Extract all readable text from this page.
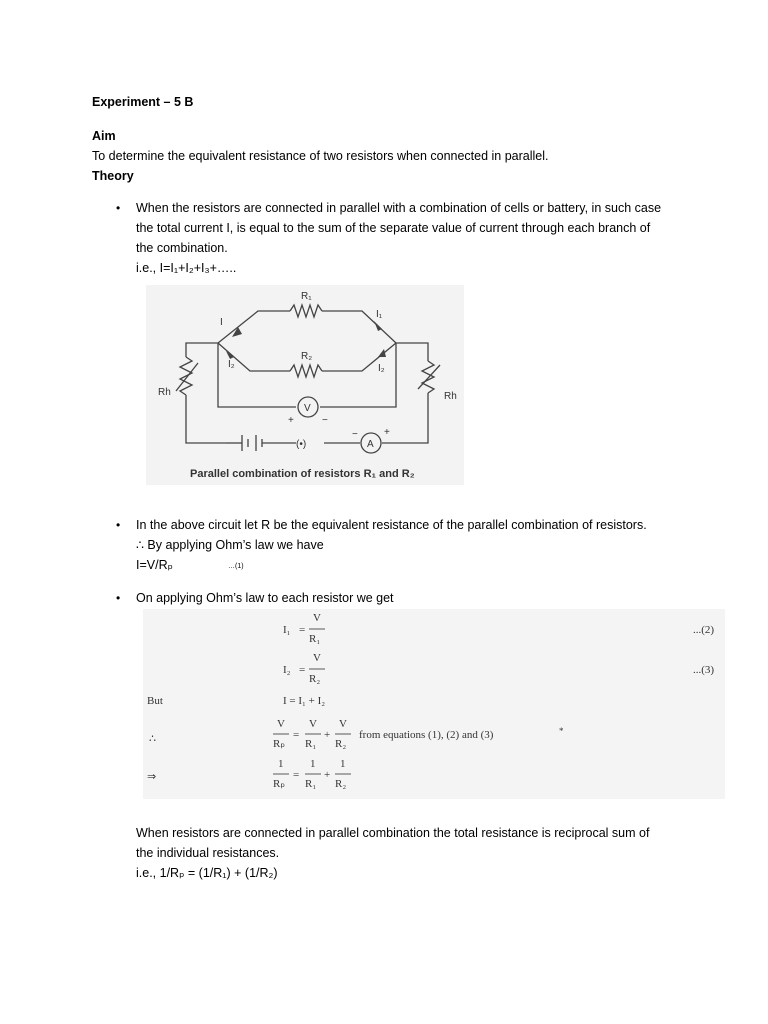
Experiment – 5 B
Aim
To determine the equivalent resistance of two resistors when connected in parallel.
Theory
• When the resistors are connected in parallel with a combination of cells or battery, in such case
the total current I, is equal to the sum of the separate value of current through each branch of
the combination.
i.e., I=I₁+I₂+I₃+…..
R₁
R₂
I
I₁
I₂	I₂
Rh	Rh
V
A
+	−
−	+
(•)
Parallel combination of resistors R₁ and R₂
• In the above circuit let R be the equivalent resistance of the parallel combination of resistors.
∴ By applying Ohm’s law we have
I=V/Rₚ	…(1)
• On applying Ohm’s law to each resistor we get
I₁ =
V
R₁
...(2)
I₂ =
V
R₂
...(3)
But	I = I₁ + I₂
∴
V
Rₚ
=
V
R₁
+
V
R₂
from equations (1), (2) and (3)	*
⇒
1
Rₚ
=
1
R₁
+
1
R₂
When resistors are connected in parallel combination the total resistance is reciprocal sum of
the individual resistances.
i.e., 1/Rₚ = (1/R₁) + (1/R₂)
